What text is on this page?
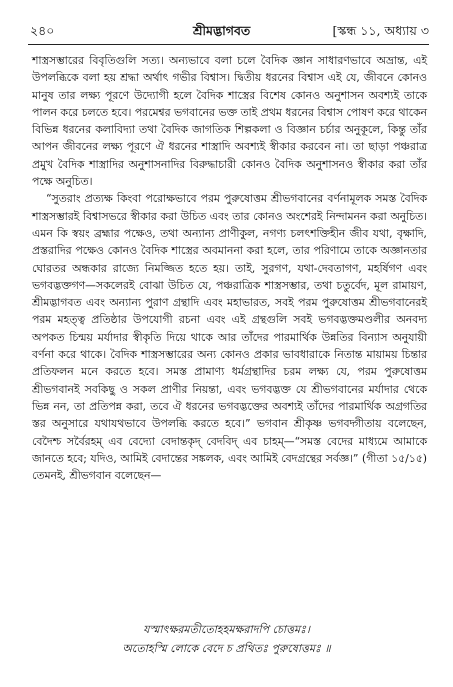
২৪০	শ্রীমদ্ভাগবত	[স্কন্ধ ১১, অধ্যায় ৩

শাস্ত্রসম্ভারের বিবৃতিগুলি সত্য। অন্যভাবে বলা চলে বৈদিক জ্ঞান সাধারণভাবে অভ্রান্ত, এই উপলব্ধিকে বলা হয় শ্রদ্ধা অর্থাৎ গভীর বিশ্বাস। দ্বিতীয় ধরনের বিশ্বাস এই যে, জীবনে কোনও মানুষ তার লক্ষ্য পূরণে উদ্যোগী হলে বৈদিক শাস্ত্রের বিশেষ কোনও অনুশাসন অবশ্যই তাকে পালন করে চলতে হবে। পরমেশ্বর ভগবানের ভক্ত তাই প্রথম ধরনের বিশ্বাস পোষণ করে থাকেন বিভিন্ন ধরনের কলাবিদ্যা তথা বৈদিক জাগতিক শিল্পকলা ও বিজ্ঞান চর্চার অনুকূলে, কিন্তু তাঁর আপন জীবনের লক্ষ্য পূরণে ঐ ধরনের শাস্ত্রাদি অবশ্যই স্বীকার করবেন না। তা ছাড়া পঞ্চরাত্র প্রমুখ বৈদিক শাস্ত্রাদির অনুশাসনাদির বিরুদ্ধাচারী কোনও বৈদিক অনুশাসনও স্বীকার করা তাঁর পক্ষে অনুচিত।

“সুতরাং প্রত্যক্ষ কিংবা পরোক্ষভাবে পরম পুরুষোত্তম শ্রীভগবানের বর্ণনামূলক সমস্ত বৈদিক শাস্ত্রসম্ভারই বিশ্বাসভরে স্বীকার করা উচিত এবং তার কোনও অংশেরই নিন্দামনন করা অনুচিত। এমন কি স্বয়ং ব্রহ্মার পক্ষেও, তথা অন্যান্য প্রাণীকুল, নগণ্য চলৎশক্তিহীন জীব যথা, বৃক্ষাদি, প্রস্তরাদির পক্ষেও কোনও বৈদিক শাস্ত্রের অবমাননা করা হলে, তার পরিণামে তাকে অজ্ঞানতার ঘোরতর অন্ধকার রাজ্যে নিমজ্জিত হতে হয়। তাই, সুরগণ, যথা-দেবতাগণ, মহর্ষিগণ এবং ভগবদ্ভক্তগণ—সকলেরই বোঝা উচিত যে, পঞ্চরাত্রিক শাস্ত্রসম্ভার, তথা চতুর্বেদ, মূল রামায়ণ, শ্রীমদ্ভাগবত এবং অন্যান্য পুরাণ গ্রন্থাদি এবং মহাভারত, সবই পরম পুরুষোত্তম শ্রীভগবানেরই পরম মহত্ত্ব প্রতিষ্ঠার উপযোগী রচনা এবং এই গ্রন্থগুলি সবই ভগবদ্ভক্তমণ্ডলীর অনবদ্য অপকত চিন্ময় মর্যাদার স্বীকৃতি দিয়ে থাকে আর তাঁদের পারমার্থিক উন্নতির বিন্যাস অনুযায়ী বর্ণনা করে থাকে। বৈদিক শাস্ত্রসম্ভারের অন্য কোনও প্রকার ভাবধারাকে নিতান্ত মায়াময় চিন্তার প্রতিফলন মনে করতে হবে। সমস্ত প্রামাণ্য ধর্মগ্রন্থাদির চরম লক্ষ্য যে, পরম পুরুষোত্তম শ্রীভগবানই সবকিছু ও সকল প্রাণীর নিয়ন্তা, এবং ভগবদ্ভক্ত যে শ্রীভগবানের মর্যাদার থেকে ভিন্ন নন, তা প্রতিপন্ন করা, তবে ঐ ধরনের ভগবদ্ভক্তের অবশ্যই তাঁদের পারমার্থিক অগ্রগতির স্তর অনুসারে যথাযথভাবে উপলব্ধি করতে হবে।” ভগবান শ্রীকৃষ্ণ ভগবদ্গীতায় বলেছেন, বেদৈশ্চ সর্বৈরহম্ এব বেদ্যো বেদান্তকৃদ্ বেদবিদ্ এব চাহম্—“সমস্ত বেদের মাধ্যমে আমাকে জানতে হবে; যদিও, আমিই বেদান্তের সঙ্কলক, এবং আমিই বেদগ্রন্থের সর্বজ্ঞ।” (গীতা ১৫/১৫) তেমনই, শ্রীভগবান বলেছেন—

যস্মাৎক্ষরমতীতোহহমক্ষরাদপি চোত্তমঃ।
অতোহস্মি লোকে বেদে চ প্রথিতঃ পুরুষোত্তমঃ ॥
